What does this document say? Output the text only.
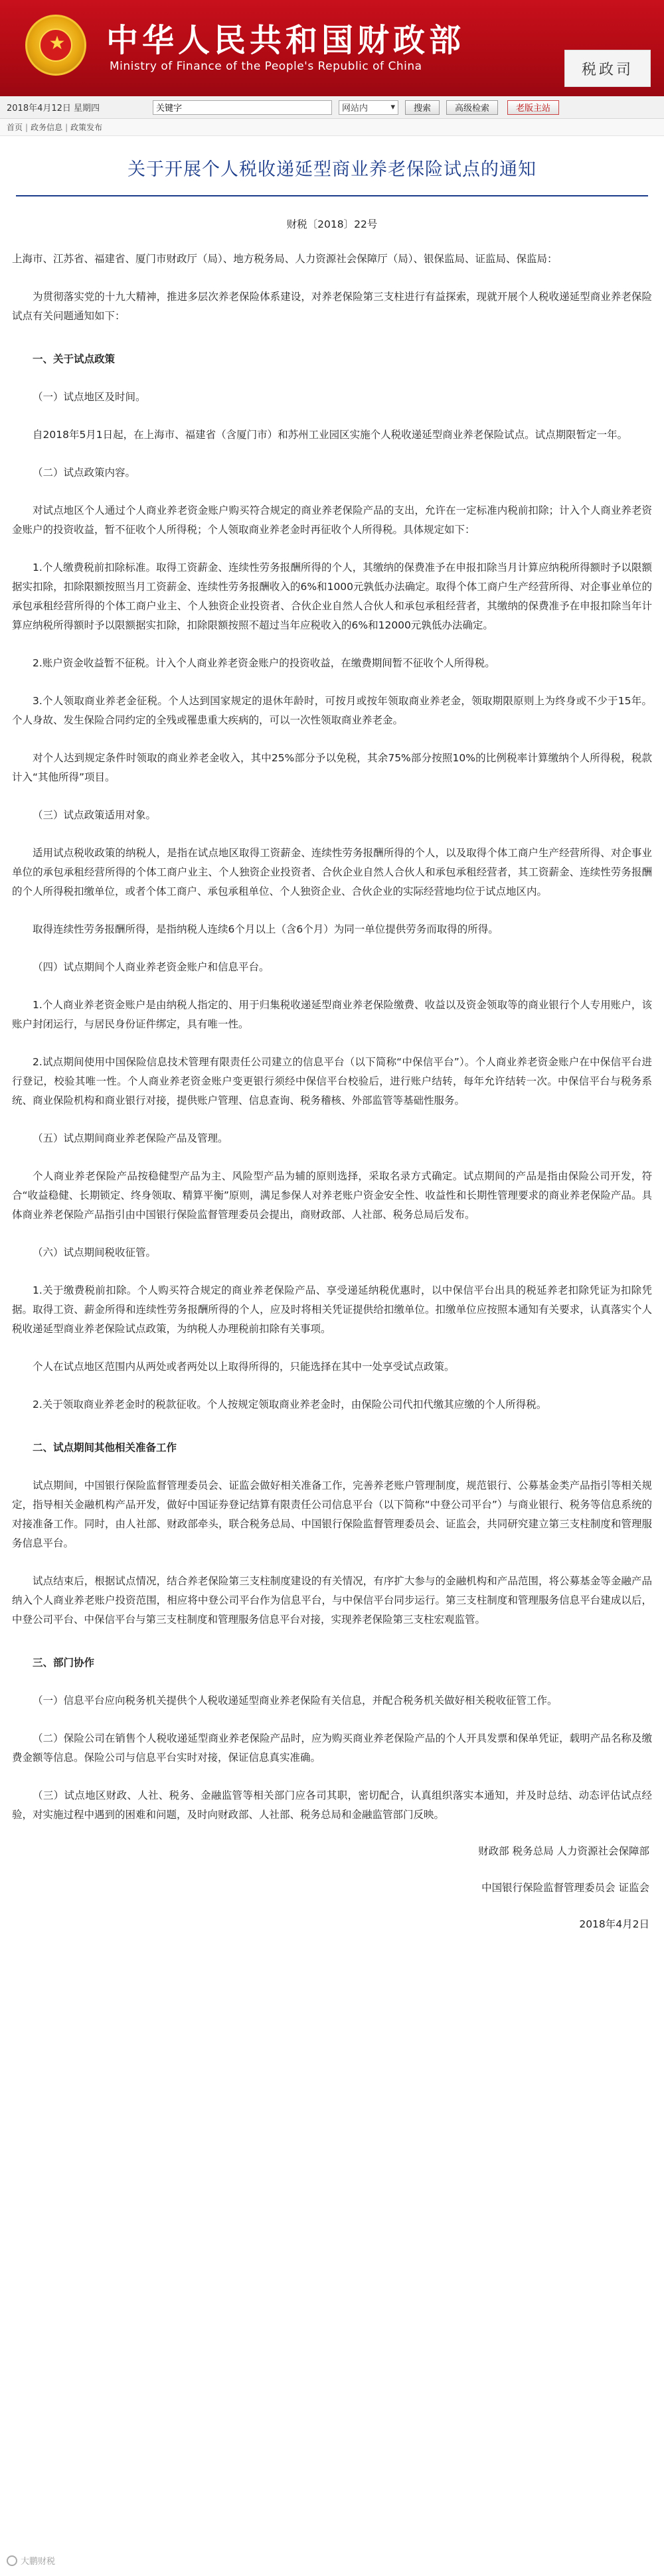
★ 中华人民共和国财政部
Ministry of Finance of the People's Republic of China	税政司
2018年4月12日 星期四
关键字	网站内	▾	搜索	高级检索	老版主站
首页 | 政务信息 | 政策发布
关于开展个人税收递延型商业养老保险试点的通知
财税〔2018〕22号

上海市、江苏省、福建省、厦门市财政厅（局）、地方税务局、人力资源社会保障厅（局）、银保监局、证监局、保监局：

为贯彻落实党的十九大精神，推进多层次养老保险体系建设，对养老保险第三支柱进行有益探索，现就开展个人税收递延型商业养老保险试点有关问题通知如下：

一、关于试点政策

（一）试点地区及时间。

自2018年5月1日起，在上海市、福建省（含厦门市）和苏州工业园区实施个人税收递延型商业养老保险试点。试点期限暂定一年。

（二）试点政策内容。

对试点地区个人通过个人商业养老资金账户购买符合规定的商业养老保险产品的支出，允许在一定标准内税前扣除；计入个人商业养老资金账户的投资收益，暂不征收个人所得税；个人领取商业养老金时再征收个人所得税。具体规定如下：

1.个人缴费税前扣除标准。取得工资薪金、连续性劳务报酬所得的个人，其缴纳的保费准予在申报扣除当月计算应纳税所得额时予以限额据实扣除，扣除限额按照当月工资薪金、连续性劳务报酬收入的6%和1000元孰低办法确定。取得个体工商户生产经营所得、对企事业单位的承包承租经营所得的个体工商户业主、个人独资企业投资者、合伙企业自然人合伙人和承包承租经营者，其缴纳的保费准予在申报扣除当年计算应纳税所得额时予以限额据实扣除，扣除限额按照不超过当年应税收入的6%和12000元孰低办法确定。

2.账户资金收益暂不征税。计入个人商业养老资金账户的投资收益，在缴费期间暂不征收个人所得税。

3.个人领取商业养老金征税。个人达到国家规定的退休年龄时，可按月或按年领取商业养老金，领取期限原则上为终身或不少于15年。个人身故、发生保险合同约定的全残或罹患重大疾病的，可以一次性领取商业养老金。

对个人达到规定条件时领取的商业养老金收入，其中25%部分予以免税，其余75%部分按照10%的比例税率计算缴纳个人所得税，税款计入“其他所得”项目。

（三）试点政策适用对象。

适用试点税收政策的纳税人，是指在试点地区取得工资薪金、连续性劳务报酬所得的个人，以及取得个体工商户生产经营所得、对企事业单位的承包承租经营所得的个体工商户业主、个人独资企业投资者、合伙企业自然人合伙人和承包承租经营者，其工资薪金、连续性劳务报酬的个人所得税扣缴单位，或者个体工商户、承包承租单位、个人独资企业、合伙企业的实际经营地均位于试点地区内。

取得连续性劳务报酬所得，是指纳税人连续6个月以上（含6个月）为同一单位提供劳务而取得的所得。

（四）试点期间个人商业养老资金账户和信息平台。

1.个人商业养老资金账户是由纳税人指定的、用于归集税收递延型商业养老保险缴费、收益以及资金领取等的商业银行个人专用账户，该账户封闭运行，与居民身份证件绑定，具有唯一性。

2.试点期间使用中国保险信息技术管理有限责任公司建立的信息平台（以下简称“中保信平台”）。个人商业养老资金账户在中保信平台进行登记，校验其唯一性。个人商业养老资金账户变更银行须经中保信平台校验后，进行账户结转，每年允许结转一次。中保信平台与税务系统、商业保险机构和商业银行对接，提供账户管理、信息查询、税务稽核、外部监管等基础性服务。

（五）试点期间商业养老保险产品及管理。

个人商业养老保险产品按稳健型产品为主、风险型产品为辅的原则选择，采取名录方式确定。试点期间的产品是指由保险公司开发，符合“收益稳健、长期锁定、终身领取、精算平衡”原则，满足参保人对养老账户资金安全性、收益性和长期性管理要求的商业养老保险产品。具体商业养老保险产品指引由中国银行保险监督管理委员会提出，商财政部、人社部、税务总局后发布。

（六）试点期间税收征管。

1.关于缴费税前扣除。个人购买符合规定的商业养老保险产品、享受递延纳税优惠时，以中保信平台出具的税延养老扣除凭证为扣除凭据。取得工资、薪金所得和连续性劳务报酬所得的个人，应及时将相关凭证提供给扣缴单位。扣缴单位应按照本通知有关要求，认真落实个人税收递延型商业养老保险试点政策，为纳税人办理税前扣除有关事项。

个人在试点地区范围内从两处或者两处以上取得所得的，只能选择在其中一处享受试点政策。

2.关于领取商业养老金时的税款征收。个人按规定领取商业养老金时，由保险公司代扣代缴其应缴的个人所得税。

二、试点期间其他相关准备工作

试点期间，中国银行保险监督管理委员会、证监会做好相关准备工作，完善养老账户管理制度，规范银行、公募基金类产品指引等相关规定，指导相关金融机构产品开发，做好中国证券登记结算有限责任公司信息平台（以下简称“中登公司平台”）与商业银行、税务等信息系统的对接准备工作。同时，由人社部、财政部牵头，联合税务总局、中国银行保险监督管理委员会、证监会，共同研究建立第三支柱制度和管理服务信息平台。

试点结束后，根据试点情况，结合养老保险第三支柱制度建设的有关情况，有序扩大参与的金融机构和产品范围，将公募基金等金融产品纳入个人商业养老账户投资范围，相应将中登公司平台作为信息平台，与中保信平台同步运行。第三支柱制度和管理服务信息平台建成以后，中登公司平台、中保信平台与第三支柱制度和管理服务信息平台对接，实现养老保险第三支柱宏观监管。

三、部门协作

（一）信息平台应向税务机关提供个人税收递延型商业养老保险有关信息，并配合税务机关做好相关税收征管工作。

（二）保险公司在销售个人税收递延型商业养老保险产品时，应为购买商业养老保险产品的个人开具发票和保单凭证，载明产品名称及缴费金额等信息。保险公司与信息平台实时对接，保证信息真实准确。

（三）试点地区财政、人社、税务、金融监管等相关部门应各司其职，密切配合，认真组织落实本通知，并及时总结、动态评估试点经验，对实施过程中遇到的困难和问题，及时向财政部、人社部、税务总局和金融监管部门反映。

财政部 税务总局 人力资源社会保障部
中国银行保险监督管理委员会 证监会
2018年4月2日
大鹏财税
